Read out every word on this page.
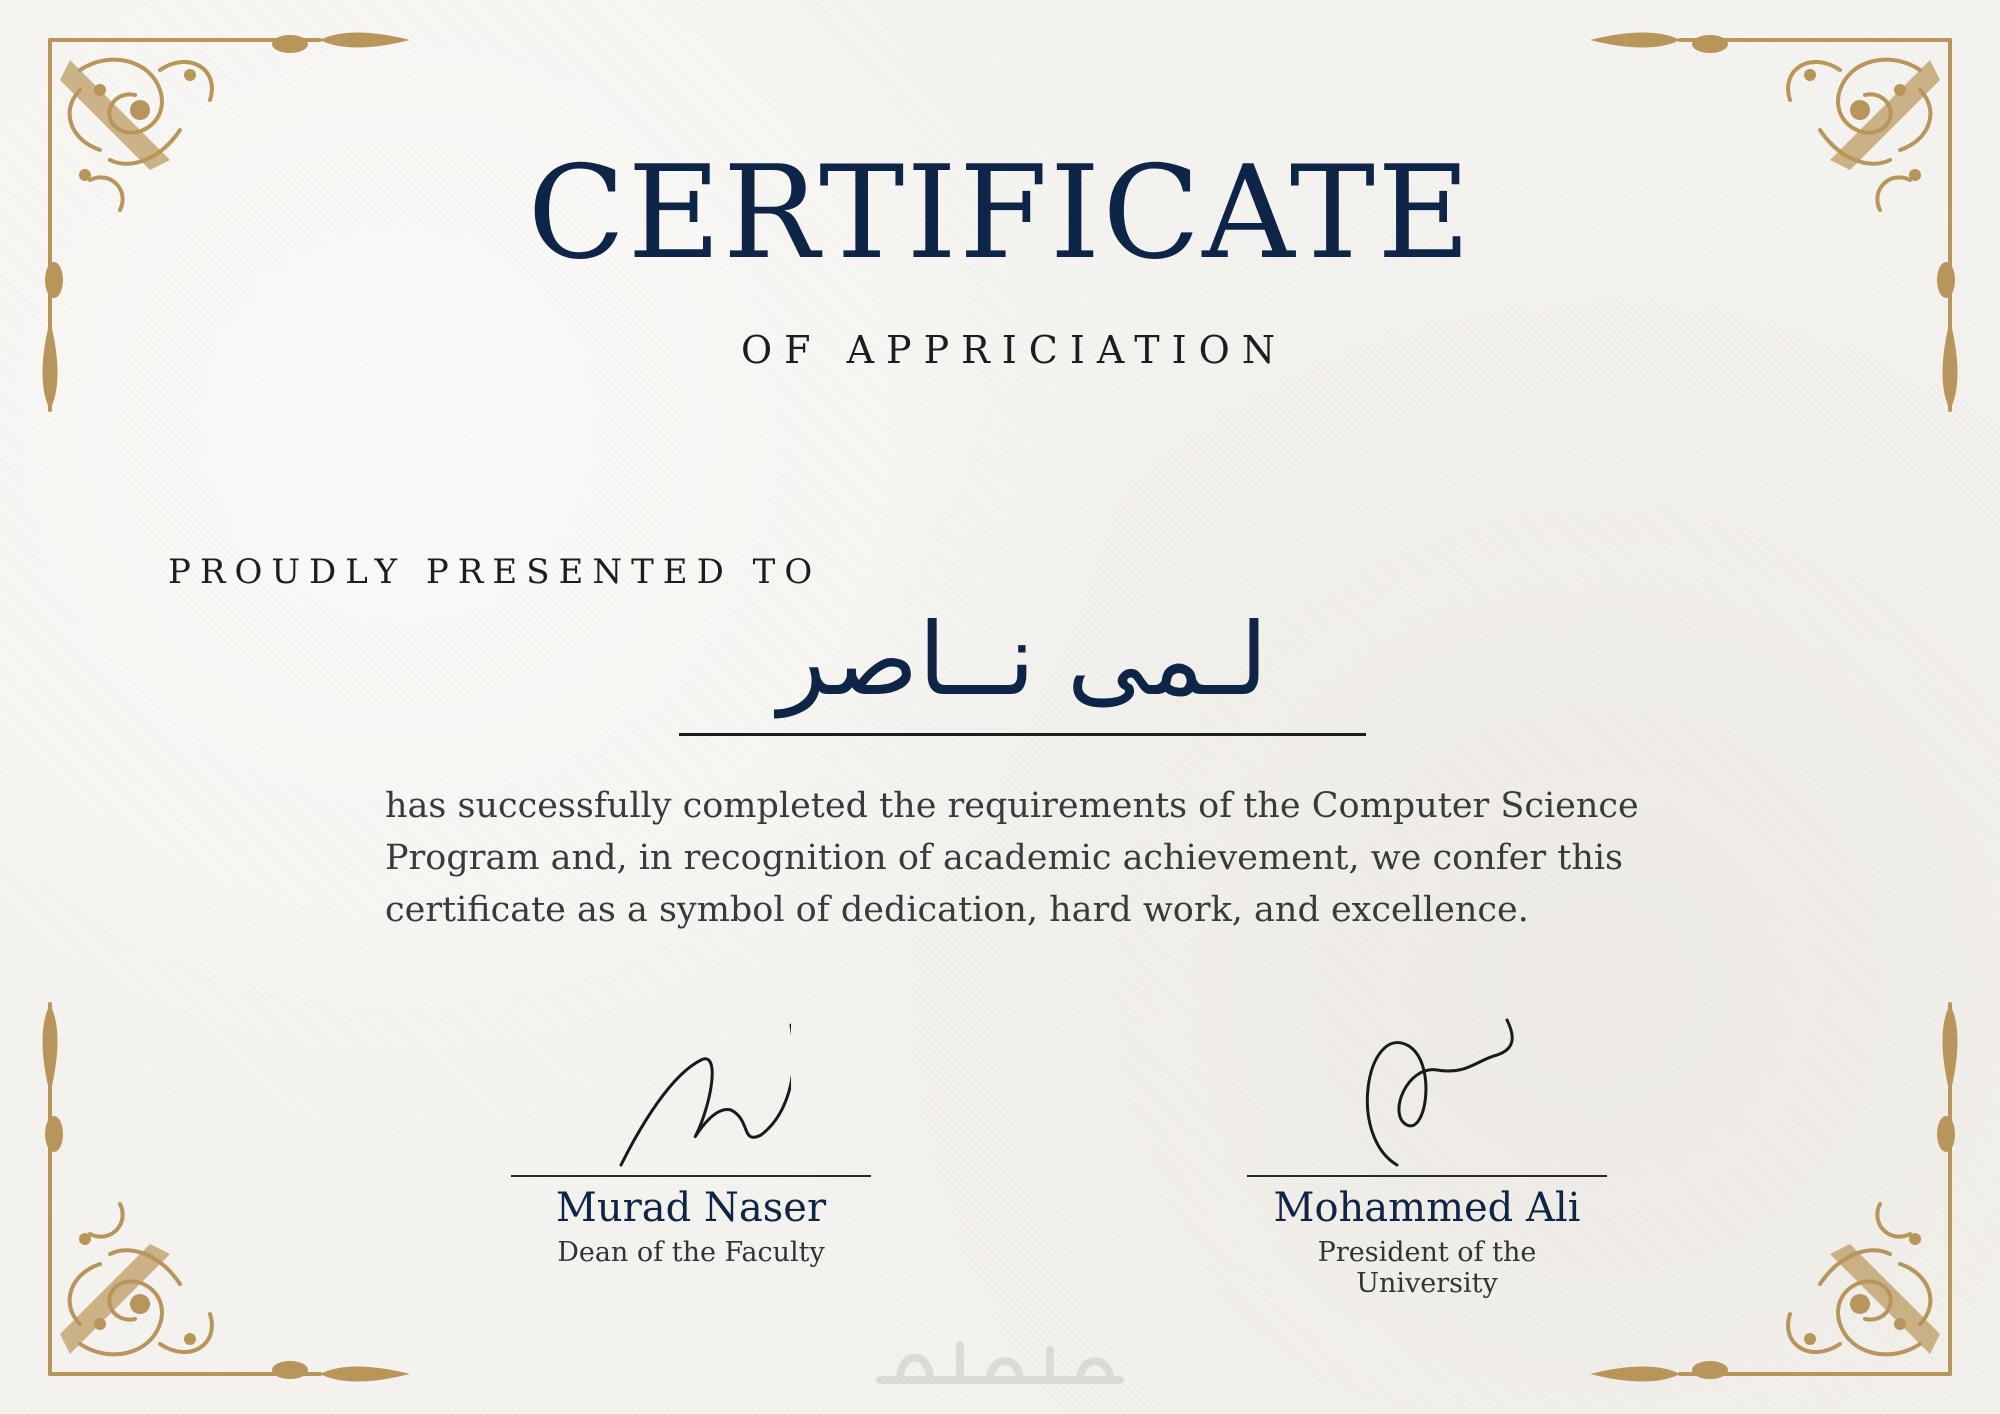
CERTIFICATE
OF APPRICIATION
PROUDLY PRESENTED TO
لـمى نــاصر
has successfully completed the requirements of the Computer Science Program and, in recognition of academic achievement, we confer this certificate as a symbol of dedication, hard work, and excellence.
Murad Naser
Dean of the Faculty
Mohammed Ali
President of the University
